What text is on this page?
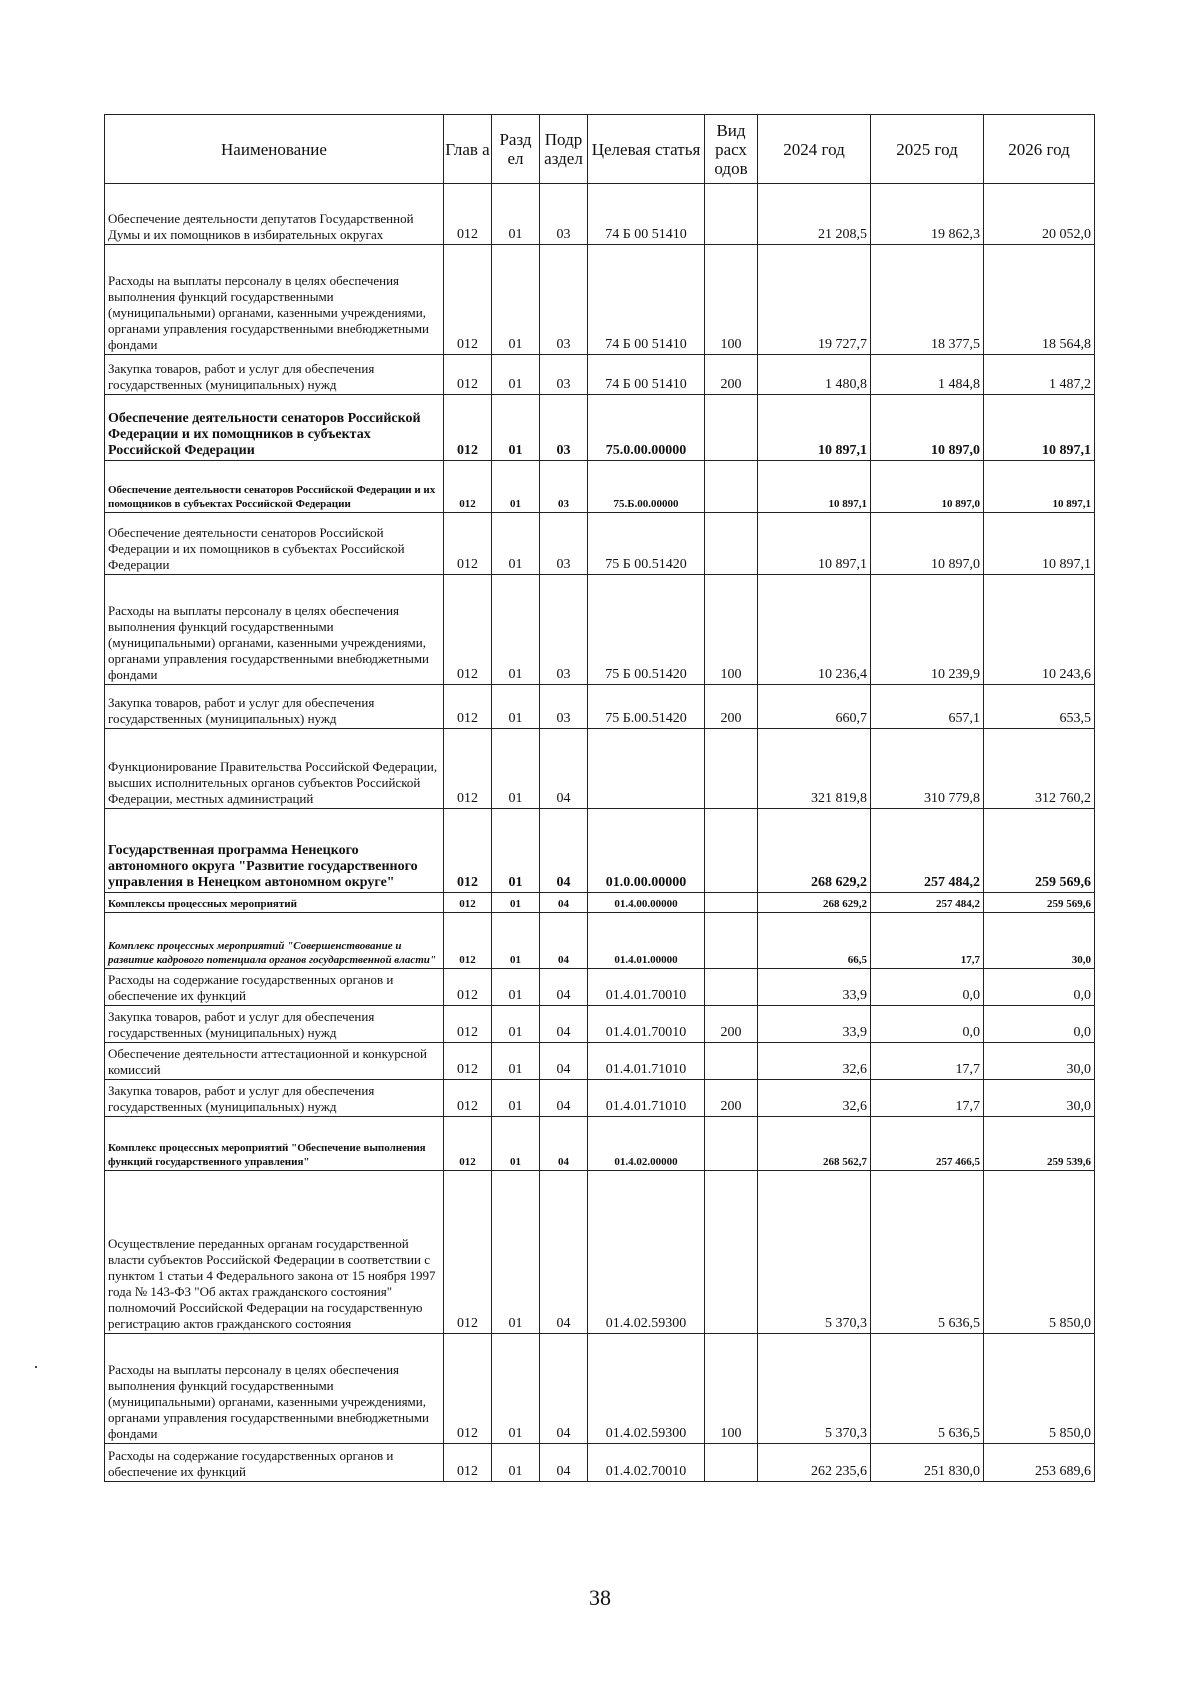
Наименование	Глав а	Разд ел	Подр аздел	Целевая статья	Вид расх одов	2024 год	2025 год	2026 год
Обеспечение деятельности депутатов Государственной Думы и их помощников в избирательных округах	012	01	03	74 Б 00 51410		21 208,5	19 862,3	20 052,0
Расходы на выплаты персоналу в целях обеспечения выполнения функций государственными (муниципальными) органами, казенными учреждениями, органами управления государственными внебюджетными фондами	012	01	03	74 Б 00 51410	100	19 727,7	18 377,5	18 564,8
Закупка товаров, работ и услуг для обеспечения государственных (муниципальных) нужд	012	01	03	74 Б 00 51410	200	1 480,8	1 484,8	1 487,2
Обеспечение деятельности сенаторов Российской Федерации и их помощников в субъектах Российской Федерации	012	01	03	75.0.00.00000		10 897,1	10 897,0	10 897,1
Обеспечение деятельности сенаторов Российской Федерации и их помощников в субъектах Российской Федерации	012	01	03	75.Б.00.00000		10 897,1	10 897,0	10 897,1
Обеспечение деятельности сенаторов Российской Федерации и их помощников в субъектах Российской Федерации	012	01	03	75 Б 00.51420		10 897,1	10 897,0	10 897,1
Расходы на выплаты персоналу в целях обеспечения выполнения функций государственными (муниципальными) органами, казенными учреждениями, органами управления государственными внебюджетными фондами	012	01	03	75 Б 00.51420	100	10 236,4	10 239,9	10 243,6
Закупка товаров, работ и услуг для обеспечения государственных (муниципальных) нужд	012	01	03	75 Б.00.51420	200	660,7	657,1	653,5
Функционирование Правительства Российской Федерации, высших исполнительных органов субъектов Российской Федерации, местных администраций	012	01	04			321 819,8	310 779,8	312 760,2
Государственная программа Ненецкого автономного округа "Развитие государственного управления в Ненецком автономном округе"	012	01	04	01.0.00.00000		268 629,2	257 484,2	259 569,6
Комплексы процессных мероприятий	012	01	04	01.4.00.00000		268 629,2	257 484,2	259 569,6
Комплекс процессных мероприятий "Совершенствование и развитие кадрового потенциала органов государственной власти"	012	01	04	01.4.01.00000		66,5	17,7	30,0
Расходы на содержание государственных органов и обеспечение их функций	012	01	04	01.4.01.70010		33,9	0,0	0,0
Закупка товаров, работ и услуг для обеспечения государственных (муниципальных) нужд	012	01	04	01.4.01.70010	200	33,9	0,0	0,0
Обеспечение деятельности аттестационной и конкурсной комиссий	012	01	04	01.4.01.71010		32,6	17,7	30,0
Закупка товаров, работ и услуг для обеспечения государственных (муниципальных) нужд	012	01	04	01.4.01.71010	200	32,6	17,7	30,0
Комплекс процессных мероприятий "Обеспечение выполнения функций государственного управления"	012	01	04	01.4.02.00000		268 562,7	257 466,5	259 539,6
Осуществление переданных органам государственной власти субъектов Российской Федерации в соответствии с пунктом 1 статьи 4 Федерального закона от 15 ноября 1997 года № 143-ФЗ "Об актах гражданского состояния" полномочий Российской Федерации на государственную регистрацию актов гражданского состояния	012	01	04	01.4.02.59300		5 370,3	5 636,5	5 850,0
Расходы на выплаты персоналу в целях обеспечения выполнения функций государственными (муниципальными) органами, казенными учреждениями, органами управления государственными внебюджетными фондами	012	01	04	01.4.02.59300	100	5 370,3	5 636,5	5 850,0
Расходы на содержание государственных органов и обеспечение их функций	012	01	04	01.4.02.70010		262 235,6	251 830,0	253 689,6
38
